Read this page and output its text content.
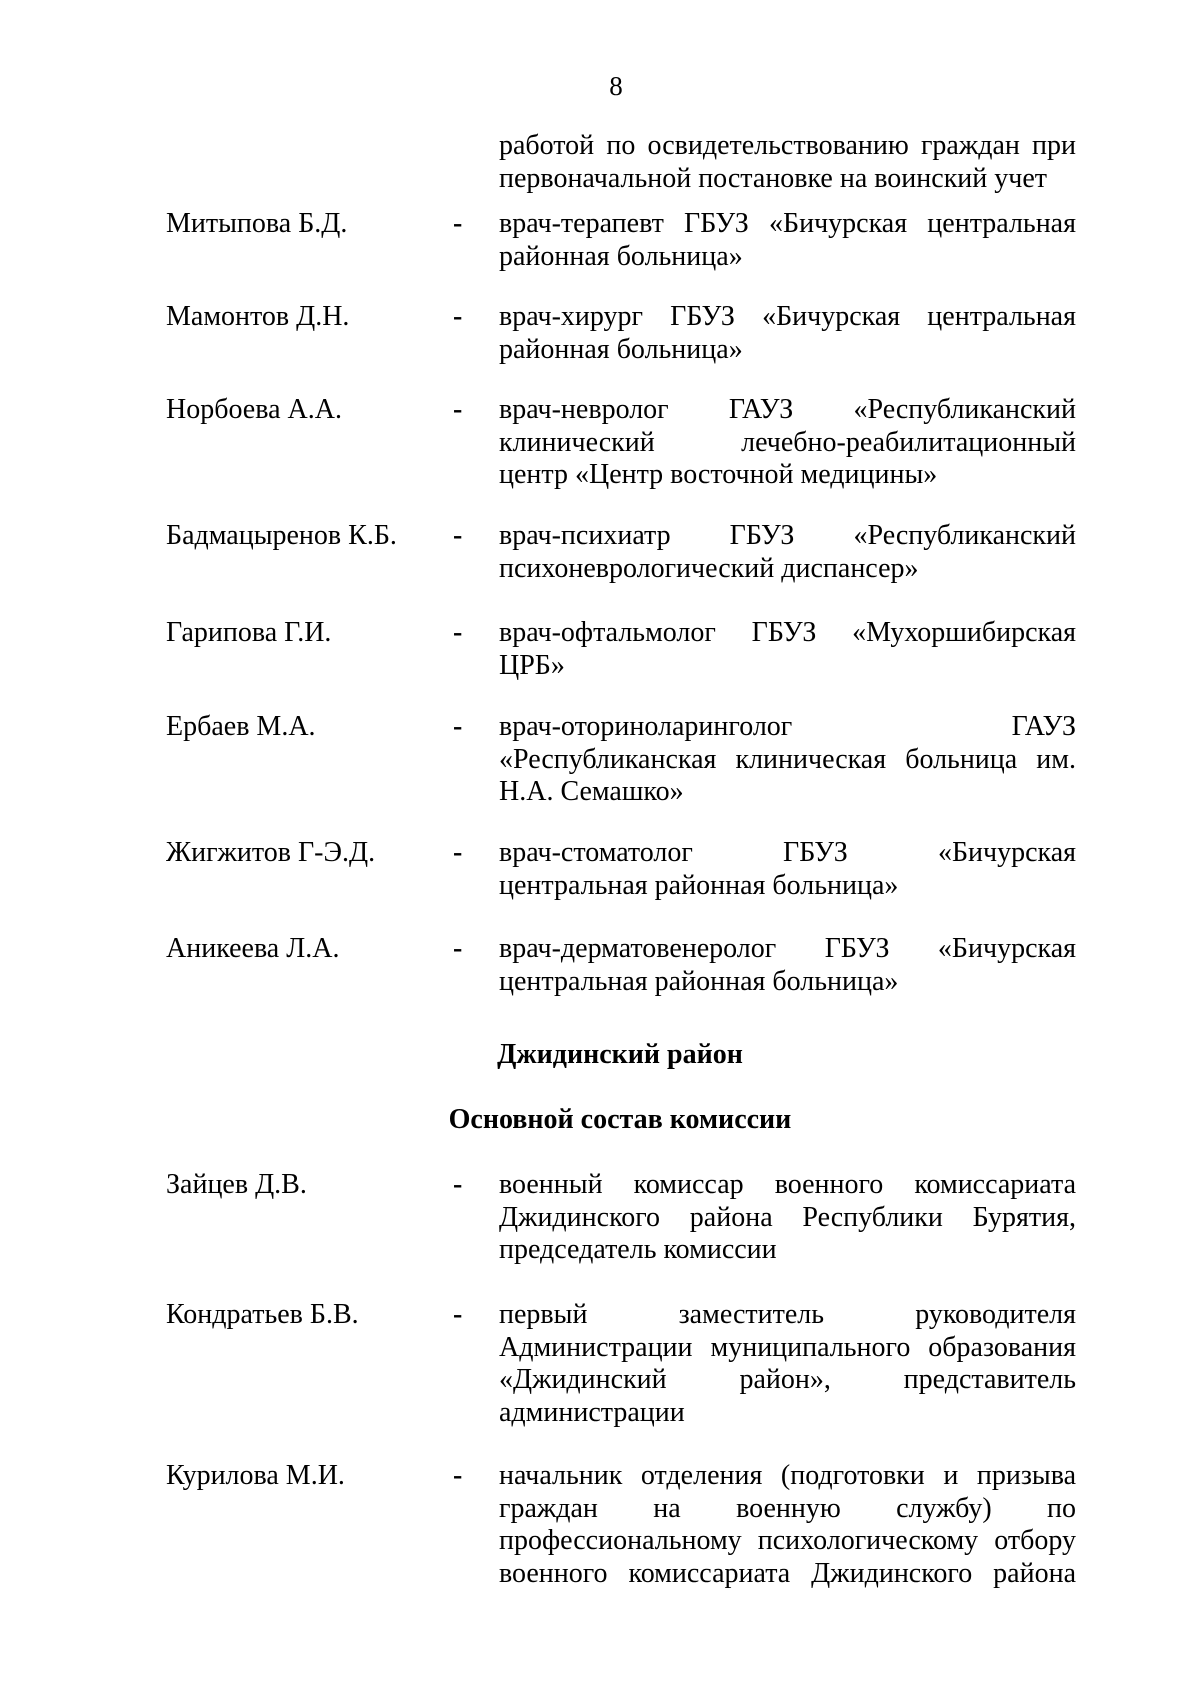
8
работой по освидетельствованию граждан при
первоначальной постановке на воинский учет
Митыпова Б.Д.	- врач-терапевт ГБУЗ «Бичурская центральная
районная больница»
Мамонтов Д.Н.	- врач-хирург ГБУЗ «Бичурская центральная
районная больница»
Норбоева А.А.	- врач-невролог ГАУЗ «Республиканский
клинический лечебно-реабилитационный
центр «Центр восточной медицины»
Бадмацыренов К.Б. - врач-психиатр ГБУЗ «Республиканский
психоневрологический диспансер»
Гарипова Г.И.	- врач-офтальмолог ГБУЗ «Мухоршибирская
ЦРБ»
Ербаев М.А.	- врач-оториноларинголог ГАУЗ
«Республиканская клиническая больница им.
Н.А. Семашко»
Жигжитов Г-Э.Д.	- врач-стоматолог ГБУЗ «Бичурская
центральная районная больница»
Аникеева Л.А.	- врач-дерматовенеролог ГБУЗ «Бичурская
центральная районная больница»
Джидинский район
Основной состав комиссии
Зайцев Д.В.	- военный комиссар военного комиссариата
Джидинского района Республики Бурятия,
председатель комиссии
Кондратьев Б.В.	- первый заместитель руководителя
Администрации муниципального образования
«Джидинский район», представитель
администрации
Курилова М.И.	- начальник отделения (подготовки и призыва
граждан на военную службу) по
профессиональному психологическому отбору
военного комиссариата Джидинского района
